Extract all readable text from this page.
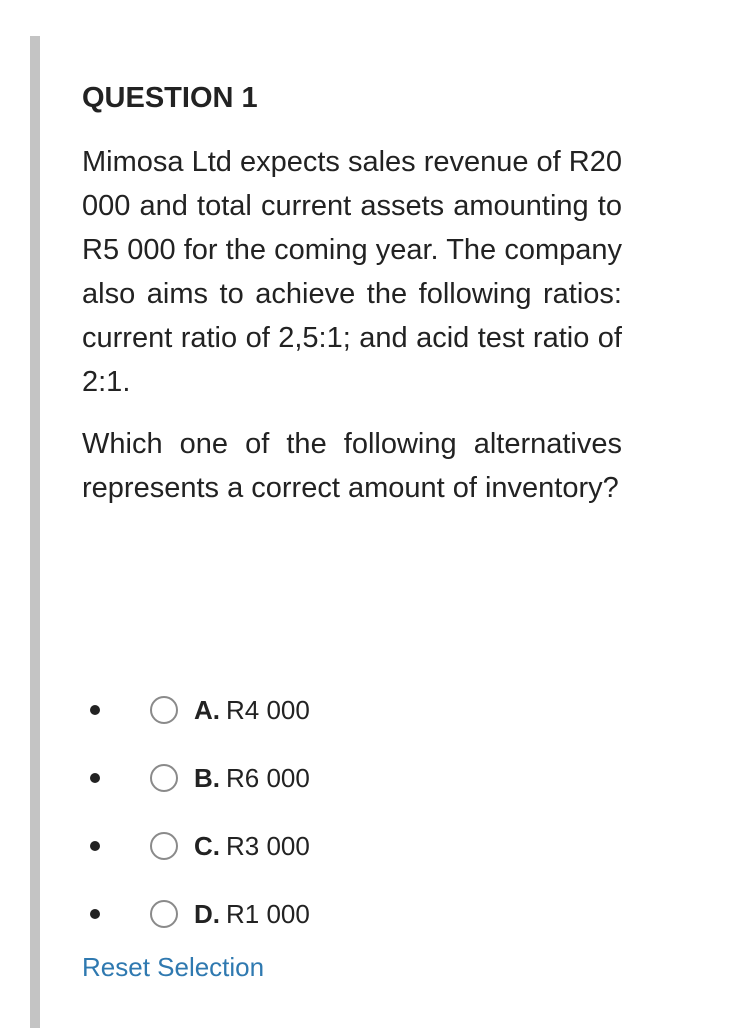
QUESTION 1

Mimosa Ltd expects sales revenue of R20 000 and total current assets amounting to R5 000 for the coming year. The company also aims to achieve the following ratios: current ratio of 2,5:1; and acid test ratio of 2:1.

Which one of the following alternatives represents a correct amount of inventory?

A. R4 000
B. R6 000
C. R3 000
D. R1 000
Reset Selection
